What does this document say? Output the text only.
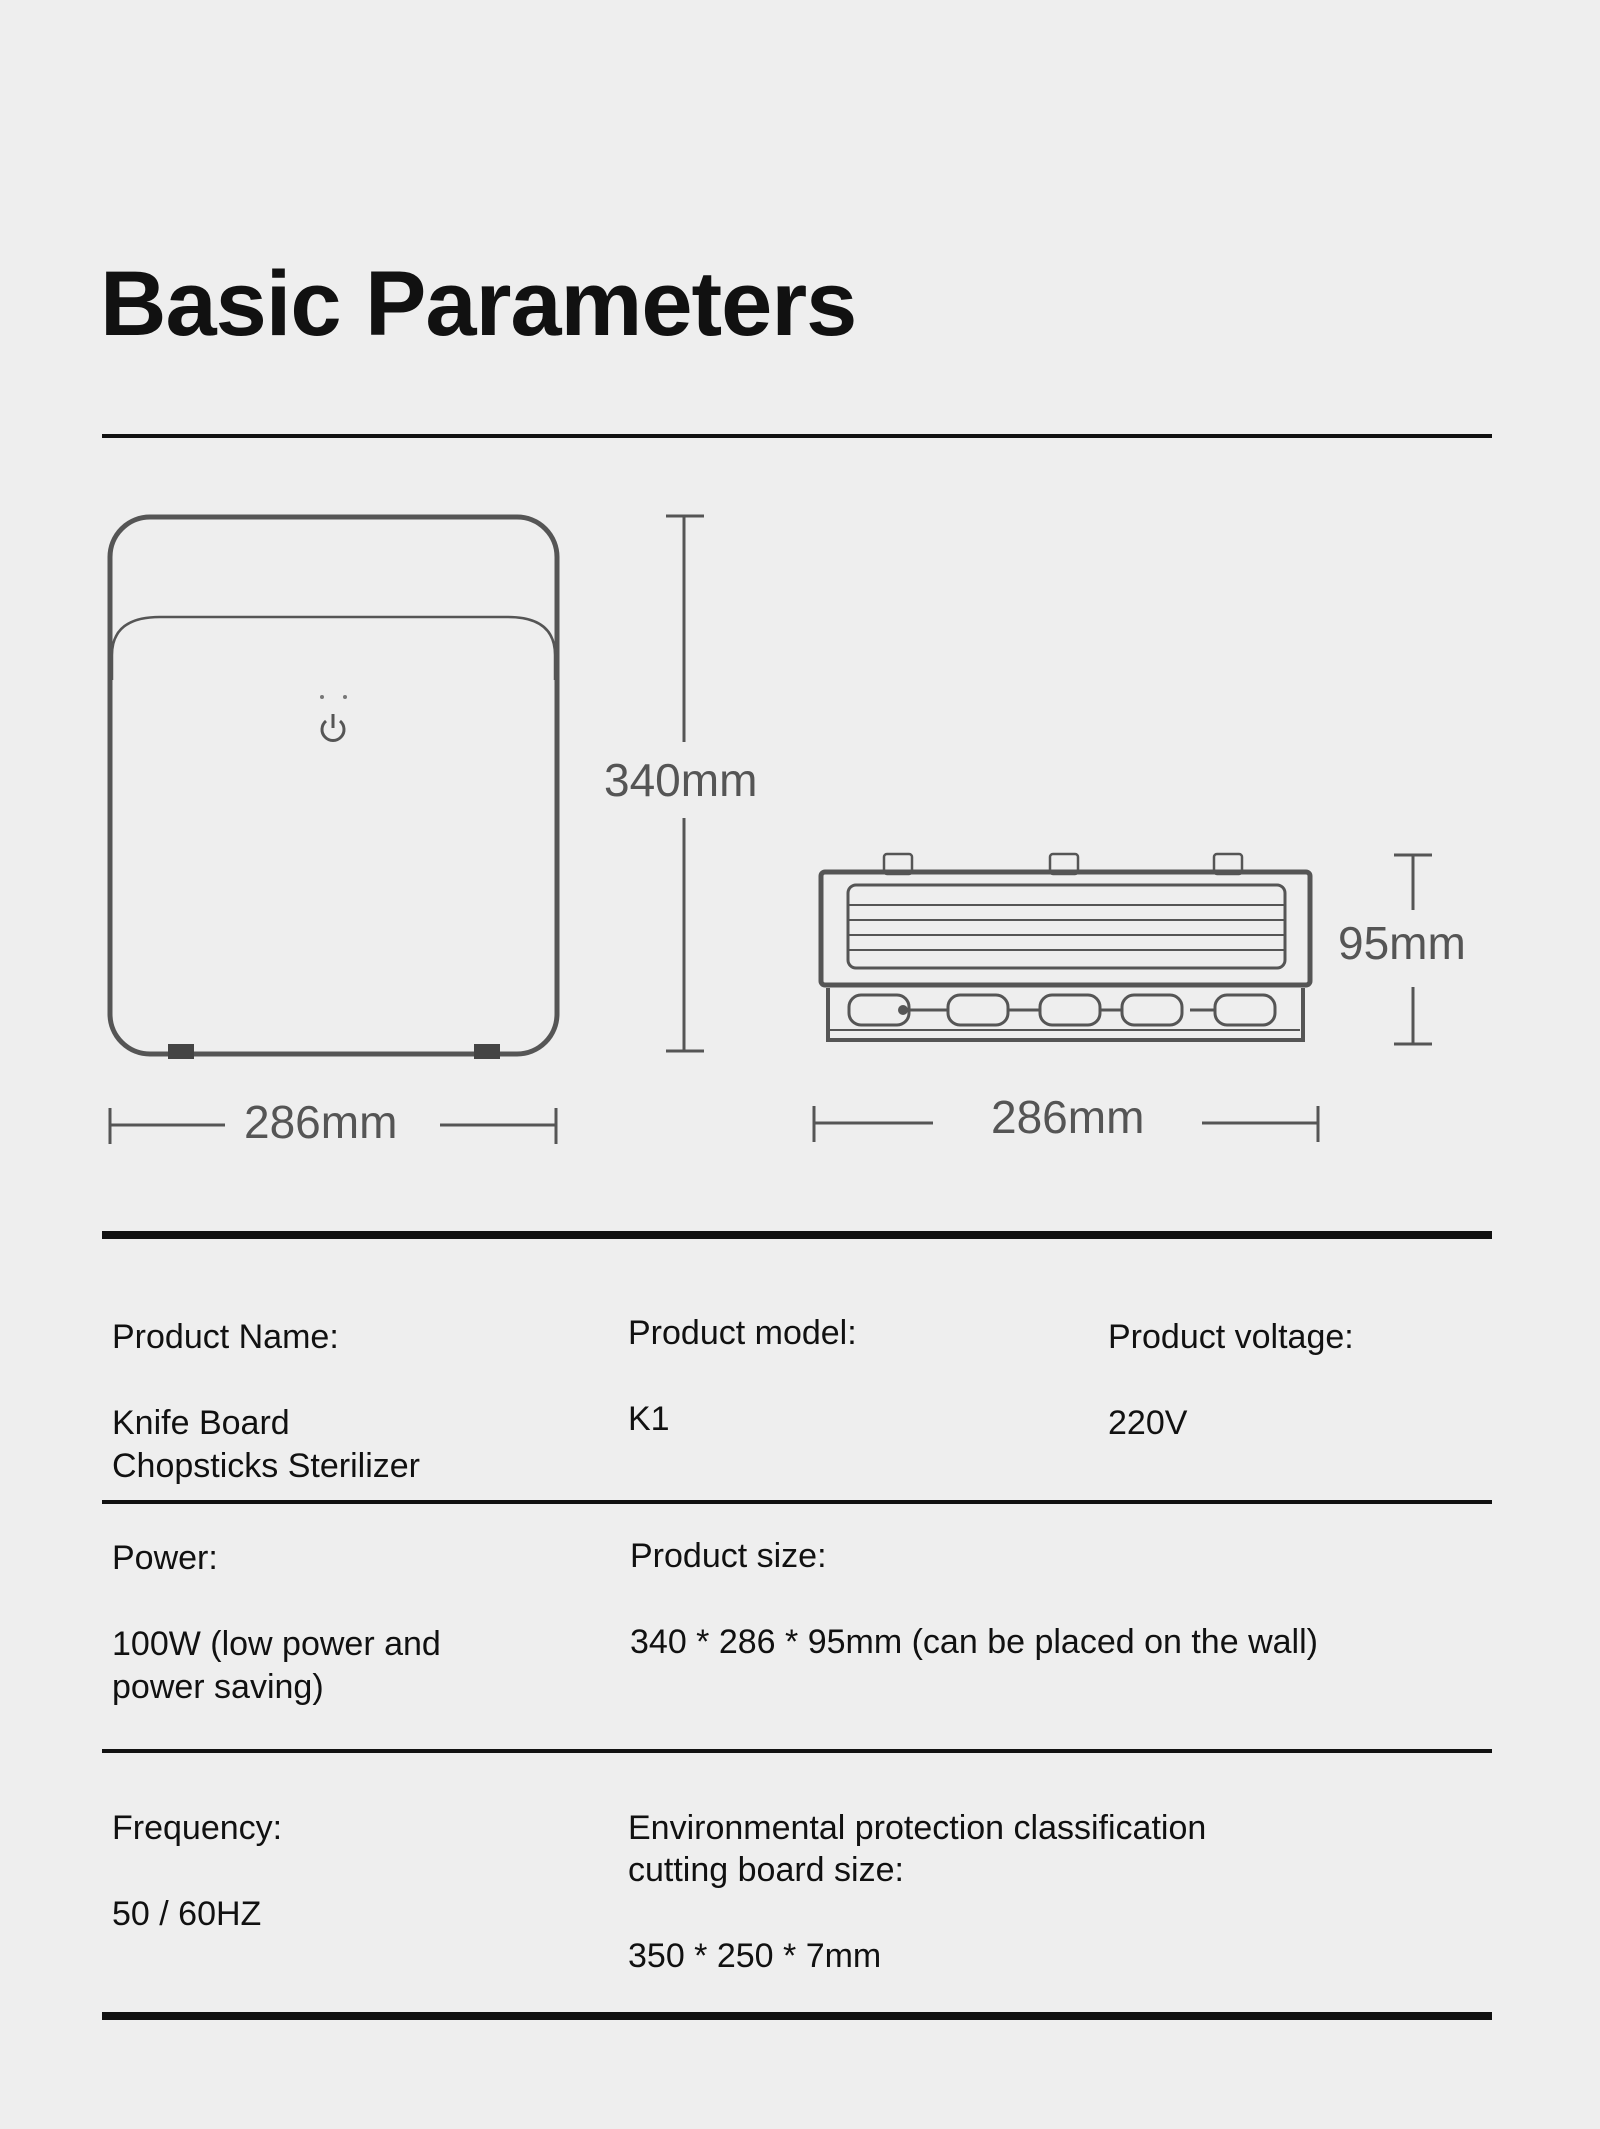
Basic Parameters
340mm
286mm
95mm
286mm

Product Name:

Knife Board

Chopsticks Sterilizer

Product model:

K1

Product voltage:

220V

Power:

100W (low power and

power saving)

Product size:

340 * 286 * 95mm (can be placed on the wall)

Frequency:

50 / 60HZ

Environmental protection classification

cutting board size:

350 * 250 * 7mm
